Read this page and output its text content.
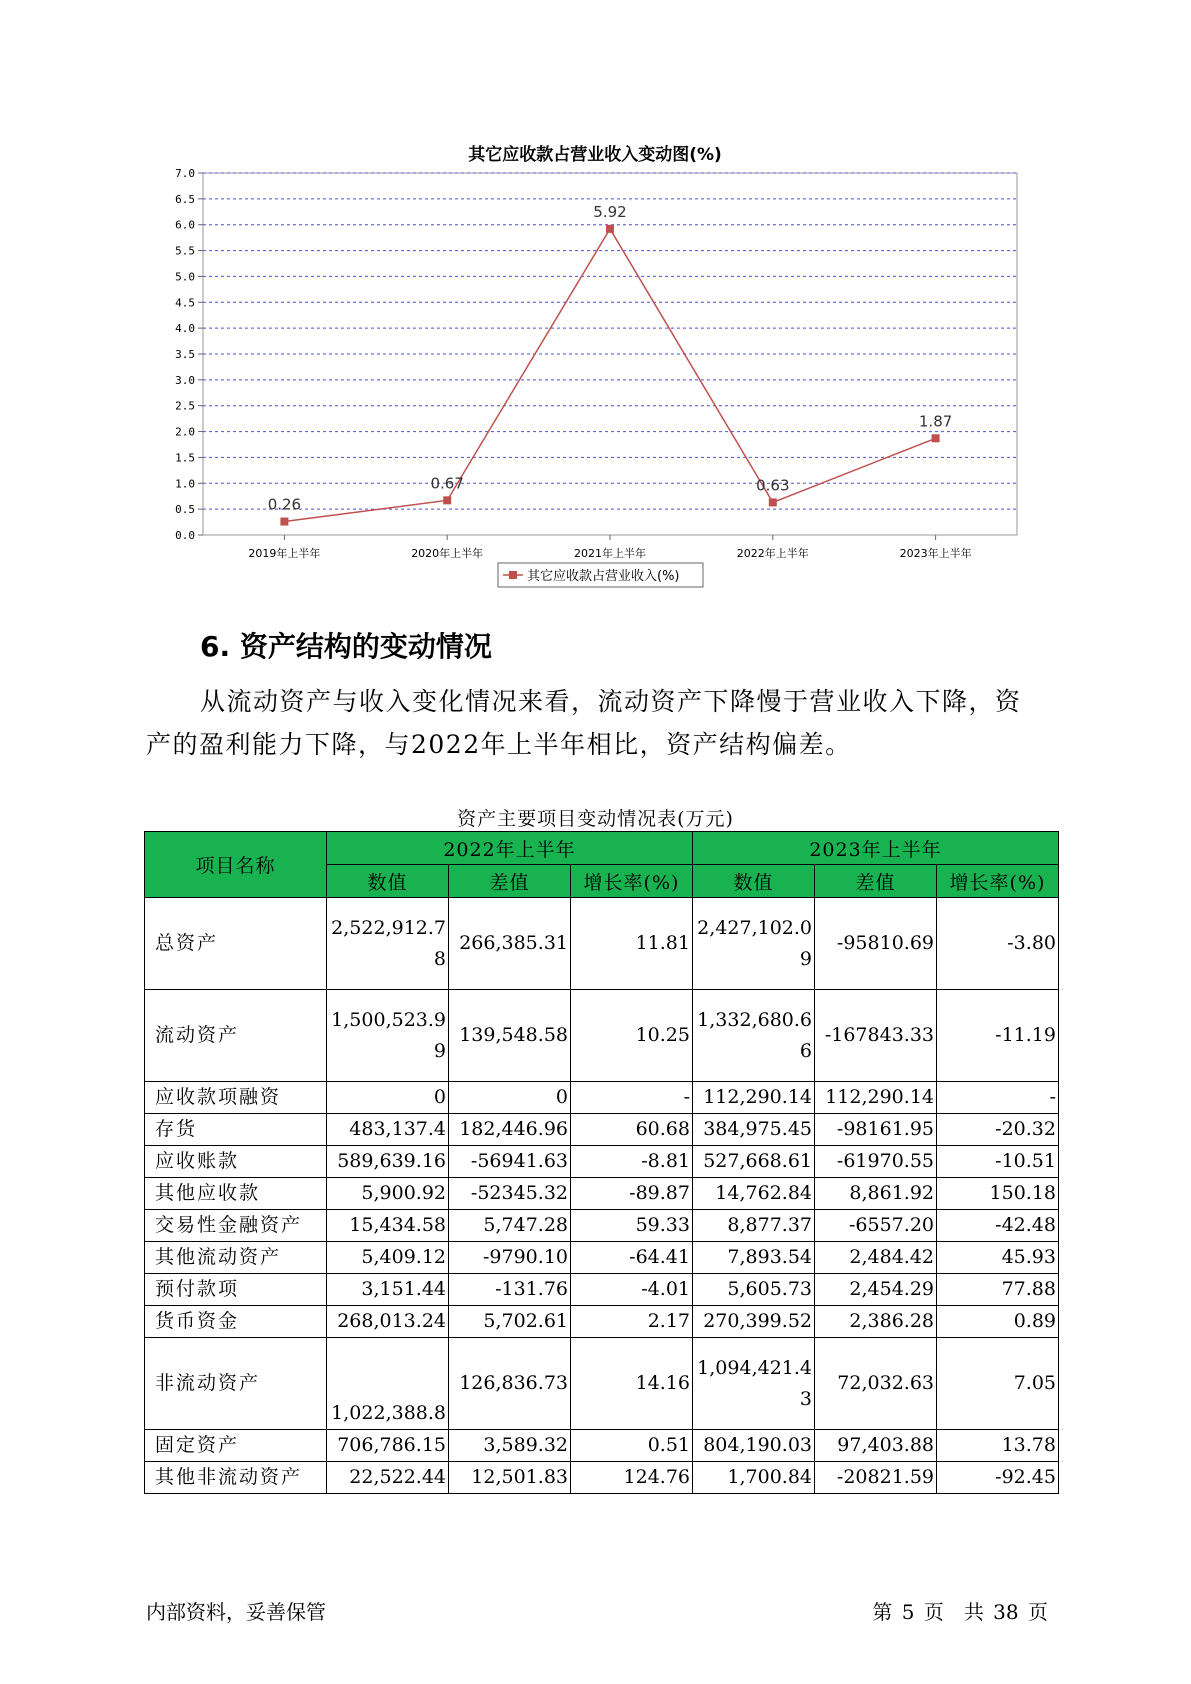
其它应收款占营业收入变动图(%)
0.0
0.5
1.0
1.5
2.0
2.5
3.0
3.5
4.0
4.5
5.0
5.5
6.0
6.5
7.0
2019年上半年	2020年上半年	2021年上半年	2022年上半年	2023年上半年
0.26
0.67
5.92
0.63
1.87
其它应收款占营业收入(%)
6. 资产结构的变动情况

从流动资产与收入变化情况来看，流动资产下降慢于营业收入下降，资产的盈利能力下降，与2022年上半年相比，资产结构偏差。

资产主要项目变动情况表(万元)

项目名称	2022年上半年			2023年上半年		
	数值	差值	增长率(%)	数值	差值	增长率(%)
总资产	2,522,912.78	266,385.31	11.81	2,427,102.09	-95810.69	-3.80
流动资产	1,500,523.99	139,548.58	10.25	1,332,680.66	-167843.33	-11.19
应收款项融资	0	0	-	112,290.14	112,290.14	-
存货	483,137.4	182,446.96	60.68	384,975.45	-98161.95	-20.32
应收账款	589,639.16	-56941.63	-8.81	527,668.61	-61970.55	-10.51
其他应收款	5,900.92	-52345.32	-89.87	14,762.84	8,861.92	150.18
交易性金融资产	15,434.58	5,747.28	59.33	8,877.37	-6557.20	-42.48
其他流动资产	5,409.12	-9790.10	-64.41	7,893.54	2,484.42	45.93
预付款项	3,151.44	-131.76	-4.01	5,605.73	2,454.29	77.88
货币资金	268,013.24	5,702.61	2.17	270,399.52	2,386.28	0.89
非流动资产	1,022,388.8	126,836.73	14.16	1,094,421.43	72,032.63	7.05
固定资产	706,786.15	3,589.32	0.51	804,190.03	97,403.88	13.78
其他非流动资产	22,522.44	12,501.83	124.76	1,700.84	-20821.59	-92.45

内部资料，妥善保管	第 5 页　共 38 页
